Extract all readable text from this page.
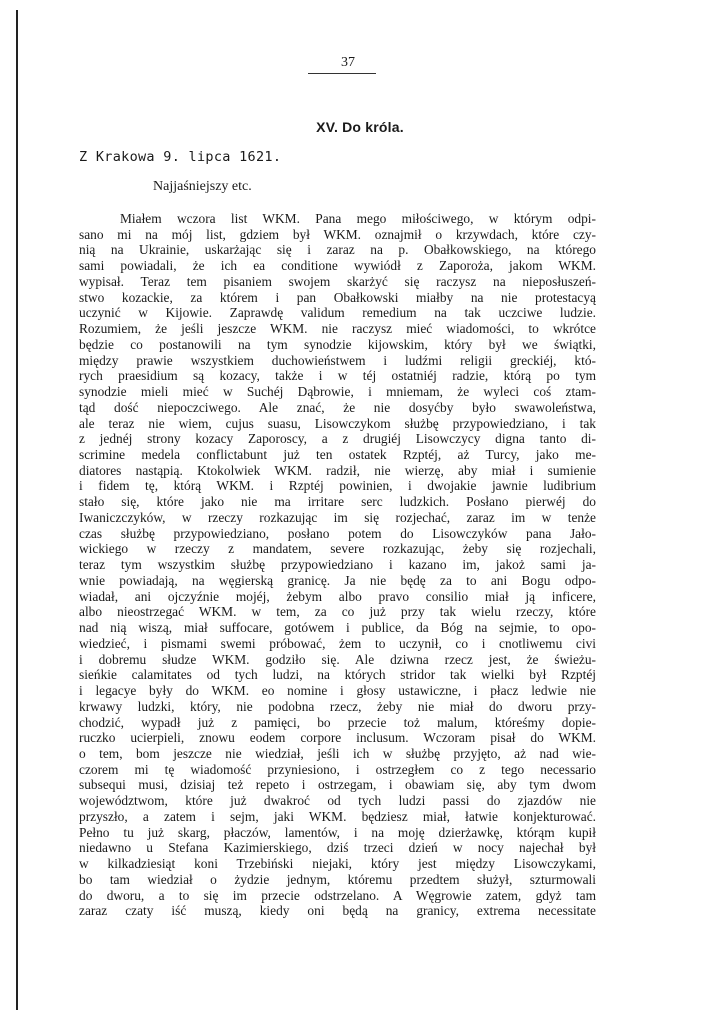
37
XV. Do króla.
Z Krakowa 9. lipca 1621.
Najjaśniejszy etc.
Miałem wczora list WKM. Pana mego miłościwego, w którym odpi-
sano mi na mój list, gdziem był WKM. oznajmił o krzywdach, które czy-
nią na Ukrainie, uskarżając się i zaraz na p. Obałkowskiego, na którego
sami powiadali, że ich ea conditione wywiódł z Zaporoża, jakom WKM.
wypisał. Teraz tem pisaniem swojem skarżyć się raczysz na nieposłuszeń-
stwo kozackie, za którem i pan Obałkowski miałby na nie protestacyą
uczynić w Kijowie. Zaprawdę validum remedium na tak uczciwe ludzie.
Rozumiem, że jeśli jeszcze WKM. nie raczysz mieć wiadomości, to wkrótce
będzie co postanowili na tym synodzie kijowskim, który był we świątki,
między prawie wszystkiem duchowieństwem i ludźmi religii greckiéj, któ-
rych praesidium są kozacy, także i w téj ostatniéj radzie, którą po tym
synodzie mieli mieć w Suchéj Dąbrowie, i mniemam, że wyleci coś ztam-
tąd dość niepoczciwego. Ale znać, że nie dosyćby było swawoleństwa,
ale teraz nie wiem, cujus suasu, Lisowczykom służbę przypowiedziano, i tak
z jednéj strony kozacy Zaporoscy, a z drugiéj Lisowczycy digna tanto di-
scrimine medela conflictabunt już ten ostatek Rzptéj, aż Turcy, jako me-
diatores nastąpią. Ktokolwiek WKM. radził, nie wierzę, aby miał i sumienie
i fidem tę, którą WKM. i Rzptéj powinien, i dwojakie jawnie ludibrium
stało się, które jako nie ma irritare serc ludzkich. Posłano pierwéj do
Iwaniczczyków, w rzeczy rozkazując im się rozjechać, zaraz im w tenże
czas służbę przypowiedziano, posłano potem do Lisowczyków pana Jało-
wickiego w rzeczy z mandatem, severe rozkazując, żeby się rozjechali,
teraz tym wszystkim służbę przypowiedziano i kazano im, jakoż sami ja-
wnie powiadają, na węgierską granicę. Ja nie będę za to ani Bogu odpo-
wiadał, ani ojczyźnie mojéj, żebym albo pravo consilio miał ją inficere,
albo nieostrzegać WKM. w tem, za co już przy tak wielu rzeczy, które
nad nią wiszą, miał suffocare, gotówem i publice, da Bóg na sejmie, to opo-
wiedzieć, i pismami swemi próbować, żem to uczynił, co i cnotliwemu civi
i dobremu słudze WKM. godziło się. Ale dziwna rzecz jest, że świeżu-
sieńkie calamitates od tych ludzi, na których stridor tak wielki był Rzptéj
i legacye były do WKM. eo nomine i głosy ustawiczne, i płacz ledwie nie
krwawy ludzki, który, nie podobna rzecz, żeby nie miał do dworu przy-
chodzić, wypadł już z pamięci, bo przecie toż malum, któreśmy dopie-
ruczko ucierpieli, znowu eodem corpore inclusum. Wczoram pisał do WKM.
o tem, bom jeszcze nie wiedział, jeśli ich w służbę przyjęto, aż nad wie-
czorem mi tę wiadomość przyniesiono, i ostrzegłem co z tego necessario
subsequi musi, dzisiaj też repeto i ostrzegam, i obawiam się, aby tym dwom
województwom, które już dwakroć od tych ludzi passi do zjazdów nie
przyszło, a zatem i sejm, jaki WKM. będziesz miał, łatwie konjekturować.
Pełno tu już skarg, płaczów, lamentów, i na moję dzierżawkę, którąm kupił
niedawno u Stefana Kazimierskiego, dziś trzeci dzień w nocy najechał był
w kilkadziesiąt koni Trzebiński niejaki, który jest między Lisowczykami,
bo tam wiedział o żydzie jednym, któremu przedtem służył, szturmowali
do dworu, a to się im przecie odstrzelano. A Węgrowie zatem, gdyż tam
zaraz czaty iść muszą, kiedy oni będą na granicy, extrema necessitate
